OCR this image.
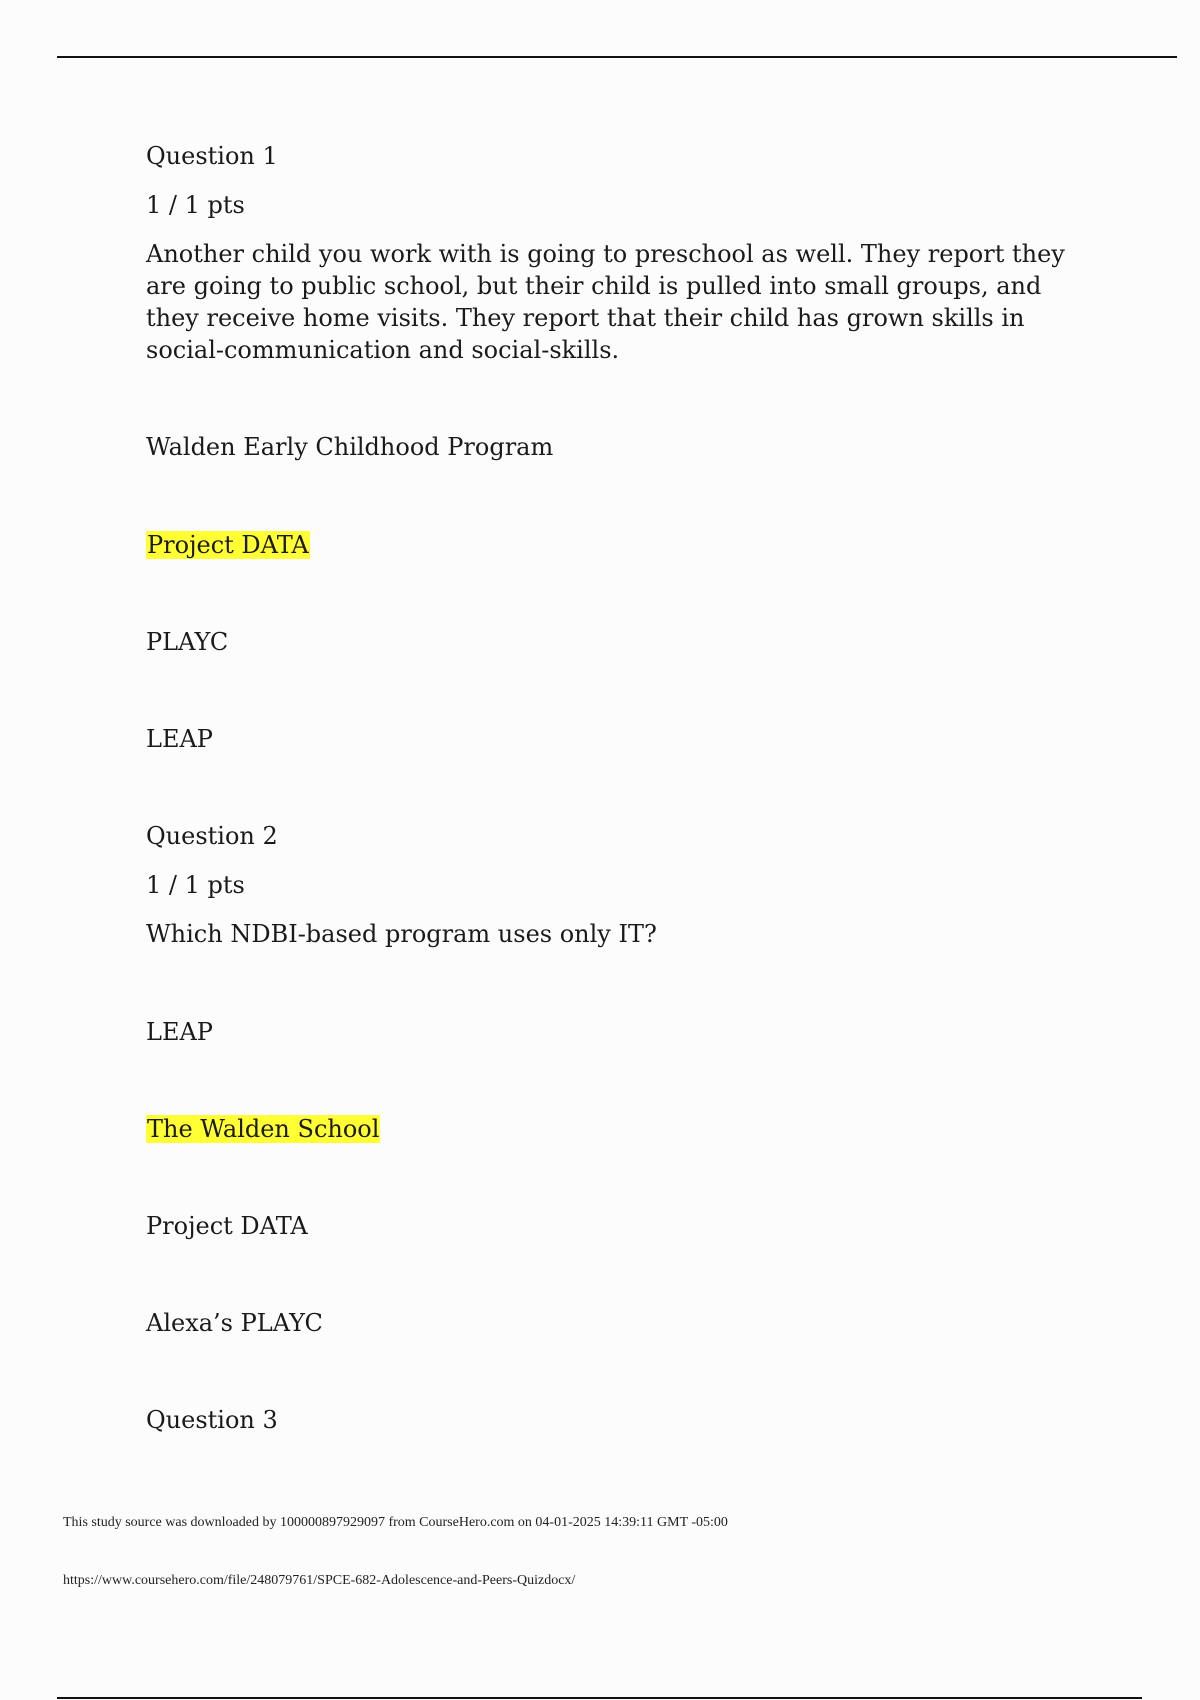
Question 1

1 / 1 pts

Another child you work with is going to preschool as well. They report they are going to public school, but their child is pulled into small groups, and they receive home visits. They report that their child has grown skills in social-communication and social-skills.

Walden Early Childhood Program
Project DATA
PLAYC
LEAP

Question 2

1 / 1 pts

Which NDBI-based program uses only IT?

LEAP
The Walden School
Project DATA
Alexa’s PLAYC

Question 3

This study source was downloaded by 100000897929097 from CourseHero.com on 04-01-2025 14:39:11 GMT -05:00
https://www.coursehero.com/file/248079761/SPCE-682-Adolescence-and-Peers-Quizdocx/
